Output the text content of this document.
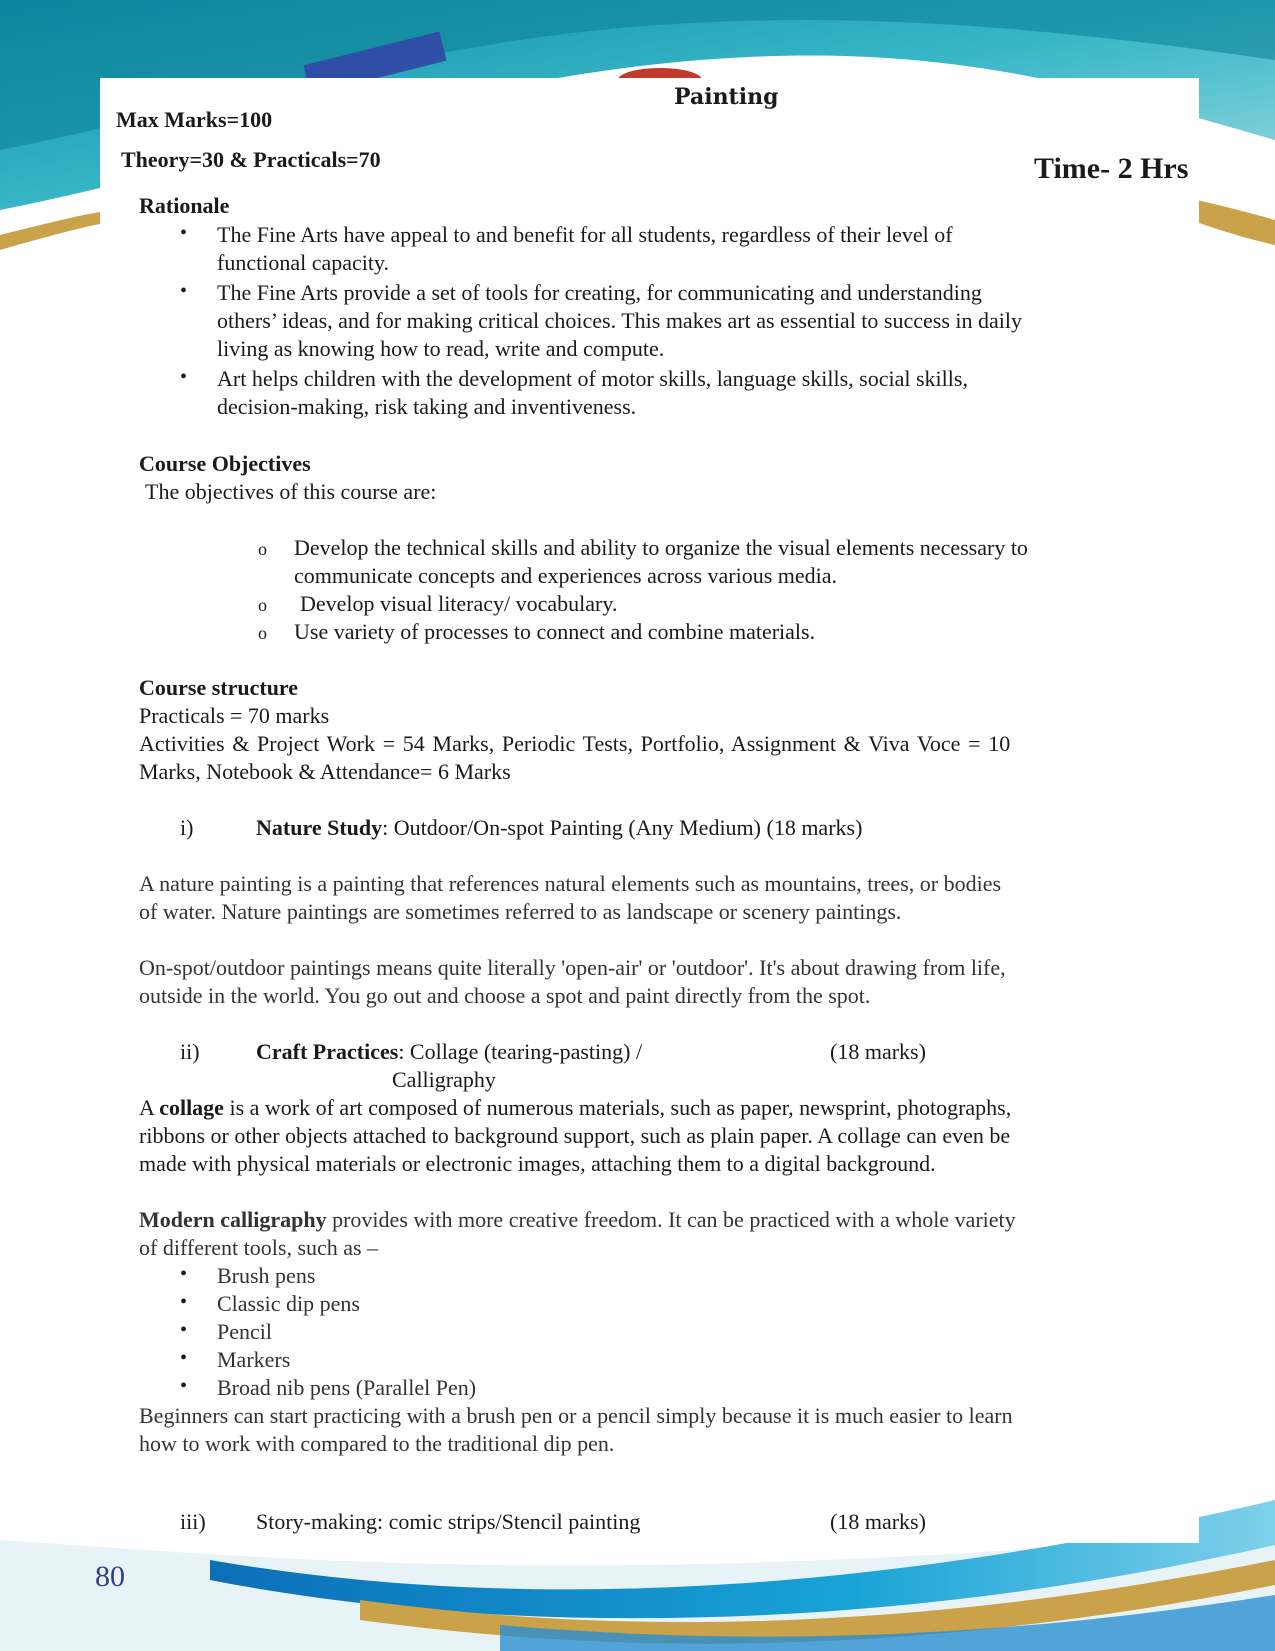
Painting
Max Marks=100
Theory=30 & Practicals=70	Time- 2 Hrs
Rationale
• The Fine Arts have appeal to and benefit for all students, regardless of their level of
functional capacity.
• The Fine Arts provide a set of tools for creating, for communicating and understanding
others’ ideas, and for making critical choices. This makes art as essential to success in daily
living as knowing how to read, write and compute.
• Art helps children with the development of motor skills, language skills, social skills,
decision-making, risk taking and inventiveness.
Course Objectives
The objectives of this course are:
o Develop the technical skills and ability to organize the visual elements necessary to
communicate concepts and experiences across various media.
o Develop visual literacy/ vocabulary.
o Use variety of processes to connect and combine materials.
Course structure
Practicals = 70 marks
Activities & Project Work = 54 Marks, Periodic Tests, Portfolio, Assignment & Viva Voce = 10
Marks, Notebook & Attendance= 6 Marks
i)	Nature Study: Outdoor/On-spot Painting (Any Medium) (18 marks)
A nature painting is a painting that references natural elements such as mountains, trees, or bodies
of water. Nature paintings are sometimes referred to as landscape or scenery paintings.
On-spot/outdoor paintings means quite literally 'open-air' or 'outdoor'. It's about drawing from life,
outside in the world. You go out and choose a spot and paint directly from the spot.
ii)	Craft Practices: Collage (tearing-pasting) /	(18 marks)
Calligraphy
A collage is a work of art composed of numerous materials, such as paper, newsprint, photographs,
ribbons or other objects attached to background support, such as plain paper. A collage can even be
made with physical materials or electronic images, attaching them to a digital background.
Modern calligraphy provides with more creative freedom. It can be practiced with a whole variety
of different tools, such as –
• Brush pens
• Classic dip pens
• Pencil
• Markers
• Broad nib pens (Parallel Pen)
Beginners can start practicing with a brush pen or a pencil simply because it is much easier to learn
how to work with compared to the traditional dip pen.
iii) Story-making: comic strips/Stencil painting	(18 marks)
80
